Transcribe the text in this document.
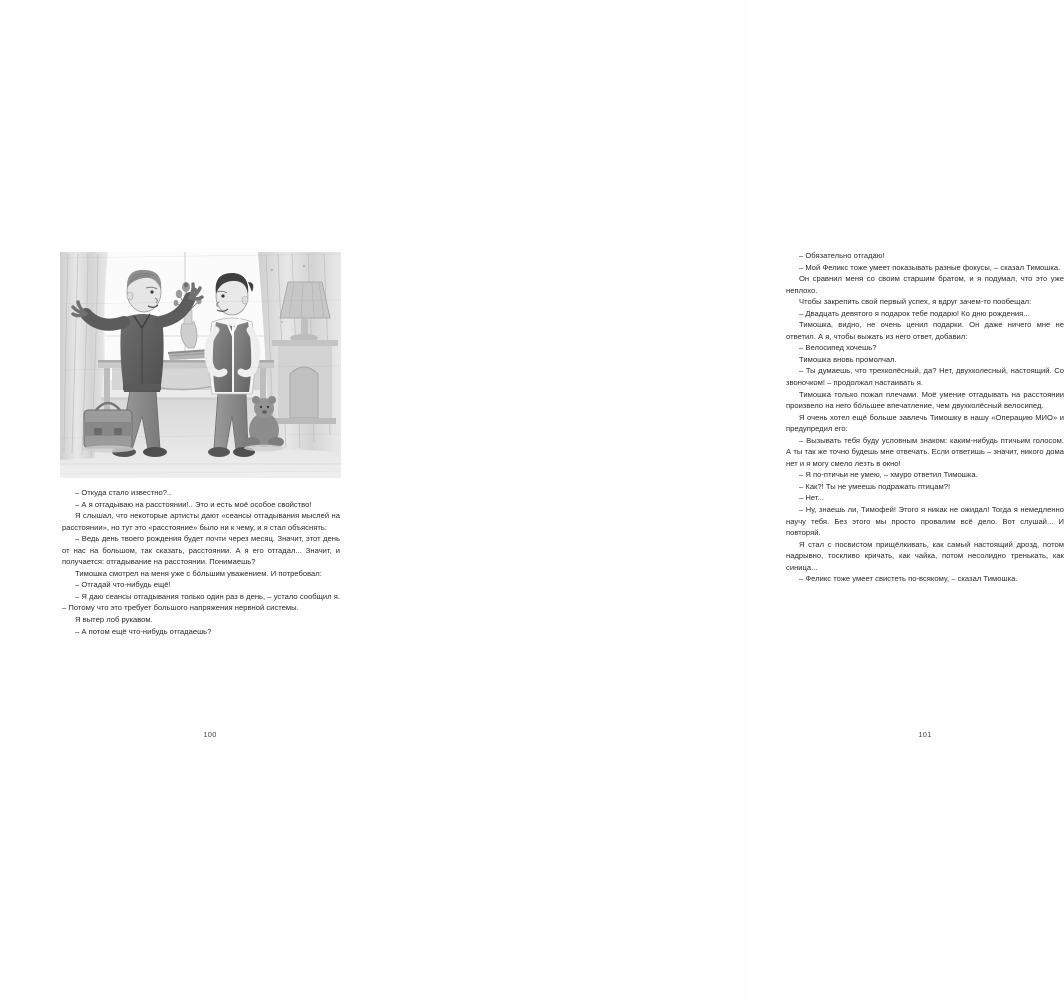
– Откуда стало известно?..

– А я отгадываю на расстоянии!.. Это и есть моё особое свойство!

Я слышал, что некоторые артисты дают «сеансы отгадывания мыслей на расстоянии», но тут это «расстояние» было ни к чему, и я стал объяснять:

– Ведь день твоего рождения будет почти через месяц. Значит, этот день от нас на большом, так сказать, расстоянии. А я его отгадал... Значит, и получается: отгадывание на расстоянии. Понимаешь?

Тимошка смотрел на меня уже с бо́льшим уважением. И потребовал:

– Отгадай что-нибудь ещё!

– Я даю сеансы отгадывания только один раз в день, – устало сообщил я. – Потому что это требует большого напряжения нервной системы.

Я вытер лоб рукавом.

– А потом ещё что-нибудь отгадаешь?

100

– Обязательно отгадаю!

– Мой Феликс тоже умеет показывать разные фокусы, – сказал Тимошка.

Он сравнил меня со своим старшим братом, и я подумал, что это уже неплохо.

Чтобы закрепить свой первый успех, я вдруг зачем-то пообещал:

– Двадцать девятого я подарок тебе подарю! Ко дню рождения...

Тимошка, видно, не очень ценил подарки. Он даже ничего мне не ответил. А я, чтобы выжать из него ответ, добавил:

– Велосипед хочешь?

Тимошка вновь промолчал.

– Ты думаешь, что трехколёсный, да? Нет, двухколесный, настоящий. Со звоночком! – продолжал настаивать я.

Тимошка только пожал плечами. Моё умение отгадывать на расстоянии произвело на него бо́льшее впечатление, чем двухколёсный велосипед.

Я очень хотел ещё больше завлечь Тимошку в нашу «Операцию МИО» и предупредил его:

– Вызывать тебя буду условным знаком: каким-нибудь птичьим голосом. А ты так же точно будешь мне отвечать. Если ответишь – значит, никого дома нет и я могу смело лезть в окно!

– Я по-птичьи не умею, – хмуро ответил Тимошка.

– Как?! Ты не умеешь подражать птицам?!

– Нет...

– Ну, знаешь ли, Тимофей! Этого я никак не ожидал! Тогда я немедленно научу тебя. Без этого мы просто провалим всё дело. Вот слушай... И повторяй.

Я стал с посвистом прищёлкивать, как самый настоящий дрозд, потом надрывно, тоскливо кричать, как чайка, потом несолидно тренькать, как синица...

– Феликс тоже умеет свистеть по-всякому, – сказал Тимошка.

101
